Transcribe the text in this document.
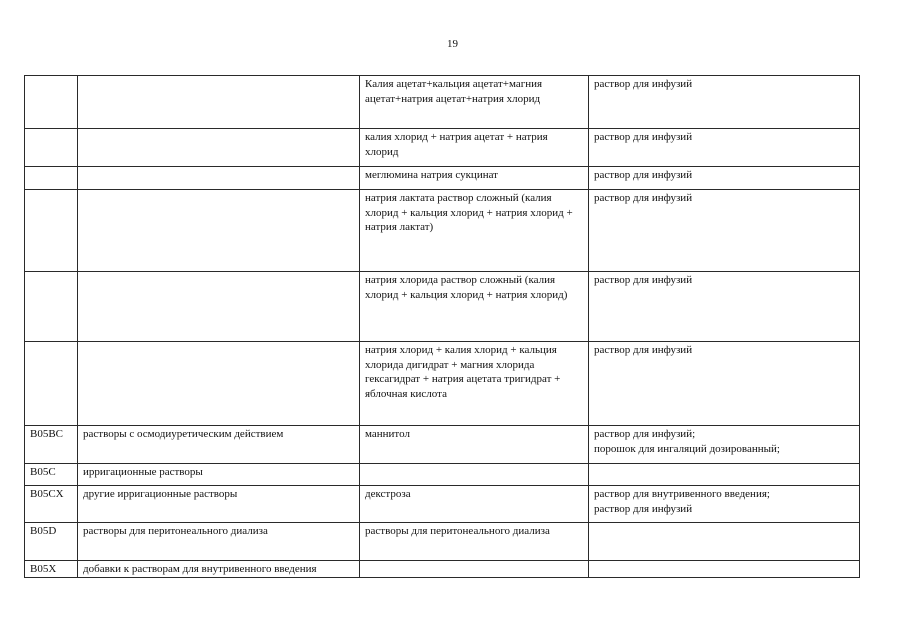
19
		Калия ацетат+кальция ацетат+магния ацетат+натрия ацетат+натрия хлорид	раствор для инфузий
		калия хлорид + натрия ацетат + натрия хлорид	раствор для инфузий
		меглюмина натрия сукцинат	раствор для инфузий
		натрия лактата раствор сложный (калия хлорид + кальция хлорид + натрия хлорид + натрия лактат)	раствор для инфузий
		натрия хлорида раствор сложный (калия хлорид + кальция хлорид + натрия хлорид)	раствор для инфузий
		натрия хлорид + калия хлорид + кальция хлорида дигидрат + магния хлорида гексагидрат + натрия ацетата тригидрат + яблочная кислота	раствор для инфузий
B05BC	растворы с осмодиуретическим действием	маннитол	раствор для инфузий;
порошок для ингаляций дозированный;

B05C	ирригационные растворы		
B05CX	другие ирригационные растворы	декстроза	раствор для внутривенного введения;
раствор для инфузий

B05D	растворы для перитонеального диализа	растворы для перитонеального диализа	
B05X	добавки к растворам для внутривенного введения		
